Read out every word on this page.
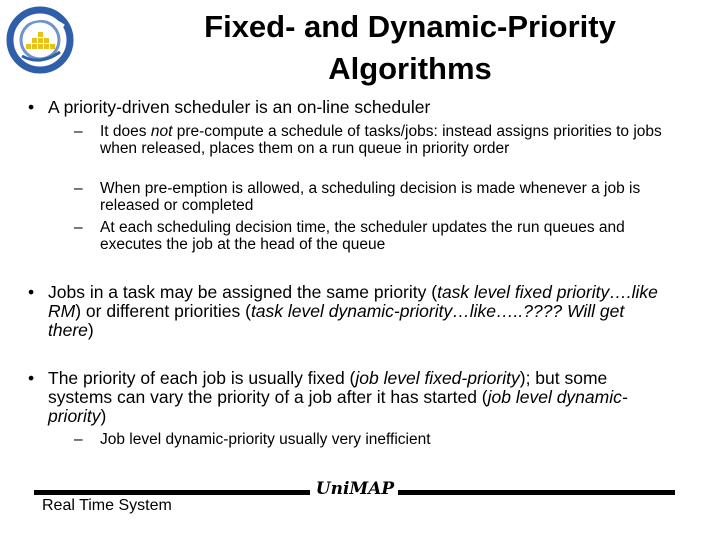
Fixed- and Dynamic-Priority
Algorithms
• A priority-driven scheduler is an on-line scheduler
– It does not pre-compute a schedule of tasks/jobs: instead assigns priorities to jobs when released, places them on a run queue in priority order
– When pre-emption is allowed, a scheduling decision is made whenever a job is released or completed
– At each scheduling decision time, the scheduler updates the run queues and executes the job at the head of the queue
• Jobs in a task may be assigned the same priority (task level fixed priority….like RM) or different priorities (task level dynamic-priority…like…..???? Will get there)
• The priority of each job is usually fixed (job level fixed-priority); but some systems can vary the priority of a job after it has started (job level dynamic-priority)
– Job level dynamic-priority usually very inefficient
UniMAP
Real Time System
